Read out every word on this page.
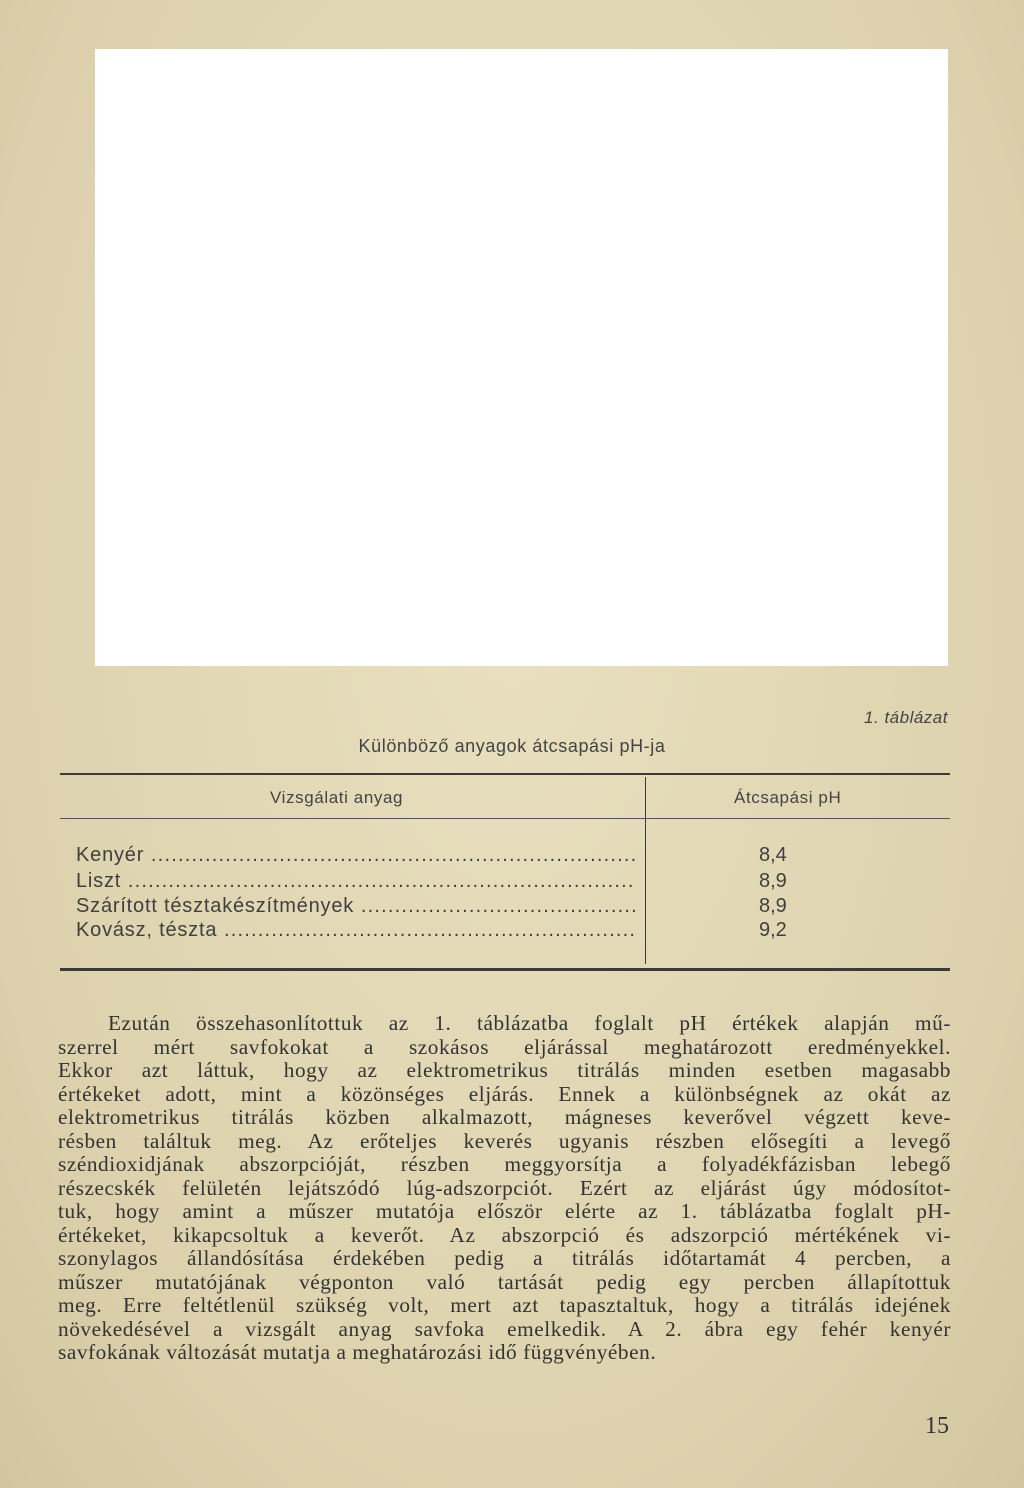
1. táblázat
Különböző anyagok átcsapási pH-ja
Vizsgálati anyag	Átcsapási pH
Kenyér .....	8,4
Liszt .....	8,9
Szárított tésztakészítmények .....	8,9
Kovász, tészta .....	9,2
Ezután összehasonlítottuk az 1. táblázatba foglalt pH értékek alapján mű-
szerrel mért savfokokat a szokásos eljárással meghatározott eredményekkel.
Ekkor azt láttuk, hogy az elektrometrikus titrálás minden esetben magasabb
értékeket adott, mint a közönséges eljárás. Ennek a különbségnek az okát az
elektrometrikus titrálás közben alkalmazott, mágneses keverővel végzett keve-
résben találtuk meg. Az erőteljes keverés ugyanis részben elősegíti a levegő
széndioxidjának abszorpcióját, részben meggyorsítja a folyadékfázisban lebegő
részecskék felületén lejátszódó lúg-adszorpciót. Ezért az eljárást úgy módosítot-
tuk, hogy amint a műszer mutatója először elérte az 1. táblázatba foglalt pH-
értékeket, kikapcsoltuk a keverőt. Az abszorpció és adszorpció mértékének vi-
szonylagos állandósítása érdekében pedig a titrálás időtartamát 4 percben, a
műszer mutatójának végponton való tartását pedig egy percben állapítottuk
meg. Erre feltétlenül szükség volt, mert azt tapasztaltuk, hogy a titrálás idejének
növekedésével a vizsgált anyag savfoka emelkedik. A 2. ábra egy fehér kenyér
savfokának változását mutatja a meghatározási idő függvényében.
15
